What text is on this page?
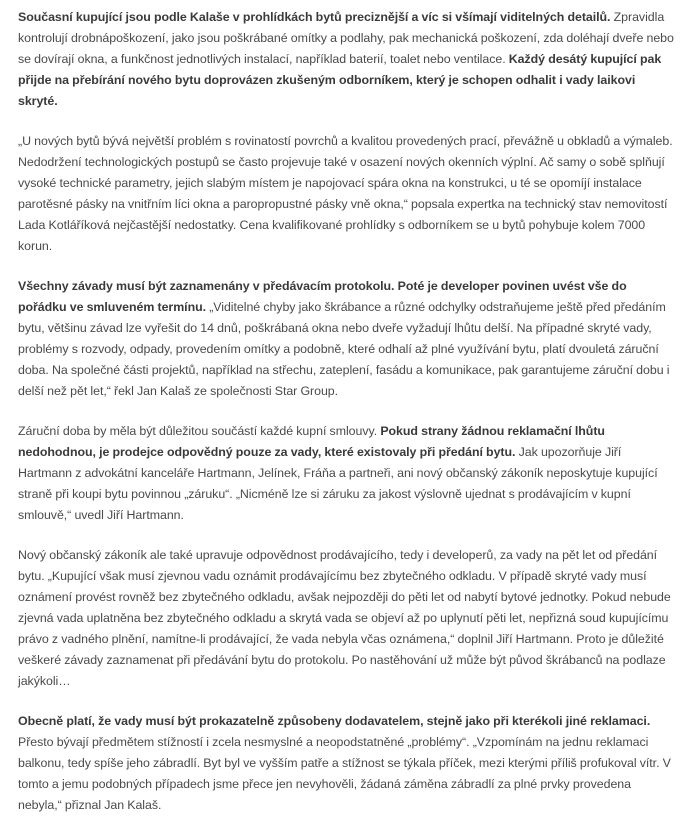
Současní kupující jsou podle Kalaše v prohlídkách bytů preciznější a víc si všímají viditelných detailů. Zpravidla kontrolují drobnápoškození, jako jsou poškrábané omítky a podlahy, pak mechanická poškození, zda doléhají dveře nebo se dovírají okna, a funkčnost jednotlivých instalací, například baterií, toalet nebo ventilace. Každý desátý kupující pak přijde na přebírání nového bytu doprovázen zkušeným odborníkem, který je schopen odhalit i vady laikovi skryté.

„U nových bytů bývá největší problém s rovinatostí povrchů a kvalitou provedených prací, převážně u obkladů a výmaleb. Nedodržení technologických postupů se často projevuje také v osazení nových okenních výplní. Ač samy o sobě splňují vysoké technické parametry, jejich slabým místem je napojovací spára okna na konstrukci, u té se opomíjí instalace parotěsné pásky na vnitřním líci okna a paropropustné pásky vně okna,“ popsala expertka na technický stav nemovitostí Lada Kotláříková nejčastější nedostatky. Cena kvalifikované prohlídky s odborníkem se u bytů pohybuje kolem 7000 korun.

Všechny závady musí být zaznamenány v předávacím protokolu. Poté je developer povinen uvést vše do pořádku ve smluveném termínu. „Viditelné chyby jako škrábance a různé odchylky odstraňujeme ještě před předáním bytu, většinu závad lze vyřešit do 14 dnů, poškrábaná okna nebo dveře vyžadují lhůtu delší. Na případné skryté vady, problémy s rozvody, odpady, provedením omítky a podobně, které odhalí až plné využívání bytu, platí dvouletá záruční doba. Na společné části projektů, například na střechu, zateplení, fasádu a komunikace, pak garantujeme záruční dobu i delší než pět let,“ řekl Jan Kalaš ze společnosti Star Group.

Záruční doba by měla být důležitou součástí každé kupní smlouvy. Pokud strany žádnou reklamační lhůtu nedohodnou, je prodejce odpovědný pouze za vady, které existovaly při předání bytu. Jak upozorňuje Jiří Hartmann z advokátní kanceláře Hartmann, Jelínek, Fráňa a partneři, ani nový občanský zákoník neposkytuje kupující straně při koupi bytu povinnou „záruku“. „Nicméně lze si záruku za jakost výslovně ujednat s prodávajícím v kupní smlouvě,“ uvedl Jiří Hartmann.

Nový občanský zákoník ale také upravuje odpovědnost prodávajícího, tedy i developerů, za vady na pět let od předání bytu. „Kupující však musí zjevnou vadu oznámit prodávajícímu bez zbytečného odkladu. V případě skryté vady musí oznámení provést rovněž bez zbytečného odkladu, avšak nejpozději do pěti let od nabytí bytové jednotky. Pokud nebude zjevná vada uplatněna bez zbytečného odkladu a skrytá vada se objeví až po uplynutí pěti let, nepřizná soud kupujícímu právo z vadného plnění, namítne-li prodávající, že vada nebyla včas oznámena,“ doplnil Jiří Hartmann. Proto je důležité veškeré závady zaznamenat při předávání bytu do protokolu. Po nastěhování už může být původ škrábanců na podlaze jakýkoli…

Obecně platí, že vady musí být prokazatelně způsobeny dodavatelem, stejně jako při kterékoli jiné reklamaci. Přesto bývají předmětem stížností i zcela nesmyslné a neopodstatněné „problémy“. „Vzpomínám na jednu reklamaci balkonu, tedy spíše jeho zábradlí. Byt byl ve vyšším patře a stížnost se týkala příček, mezi kterými příliš profukoval vítr. V tomto a jemu podobných případech jsme přece jen nevyhověli, žádaná záměna zábradlí za plné prvky provedena nebyla,“ přiznal Jan Kalaš.
